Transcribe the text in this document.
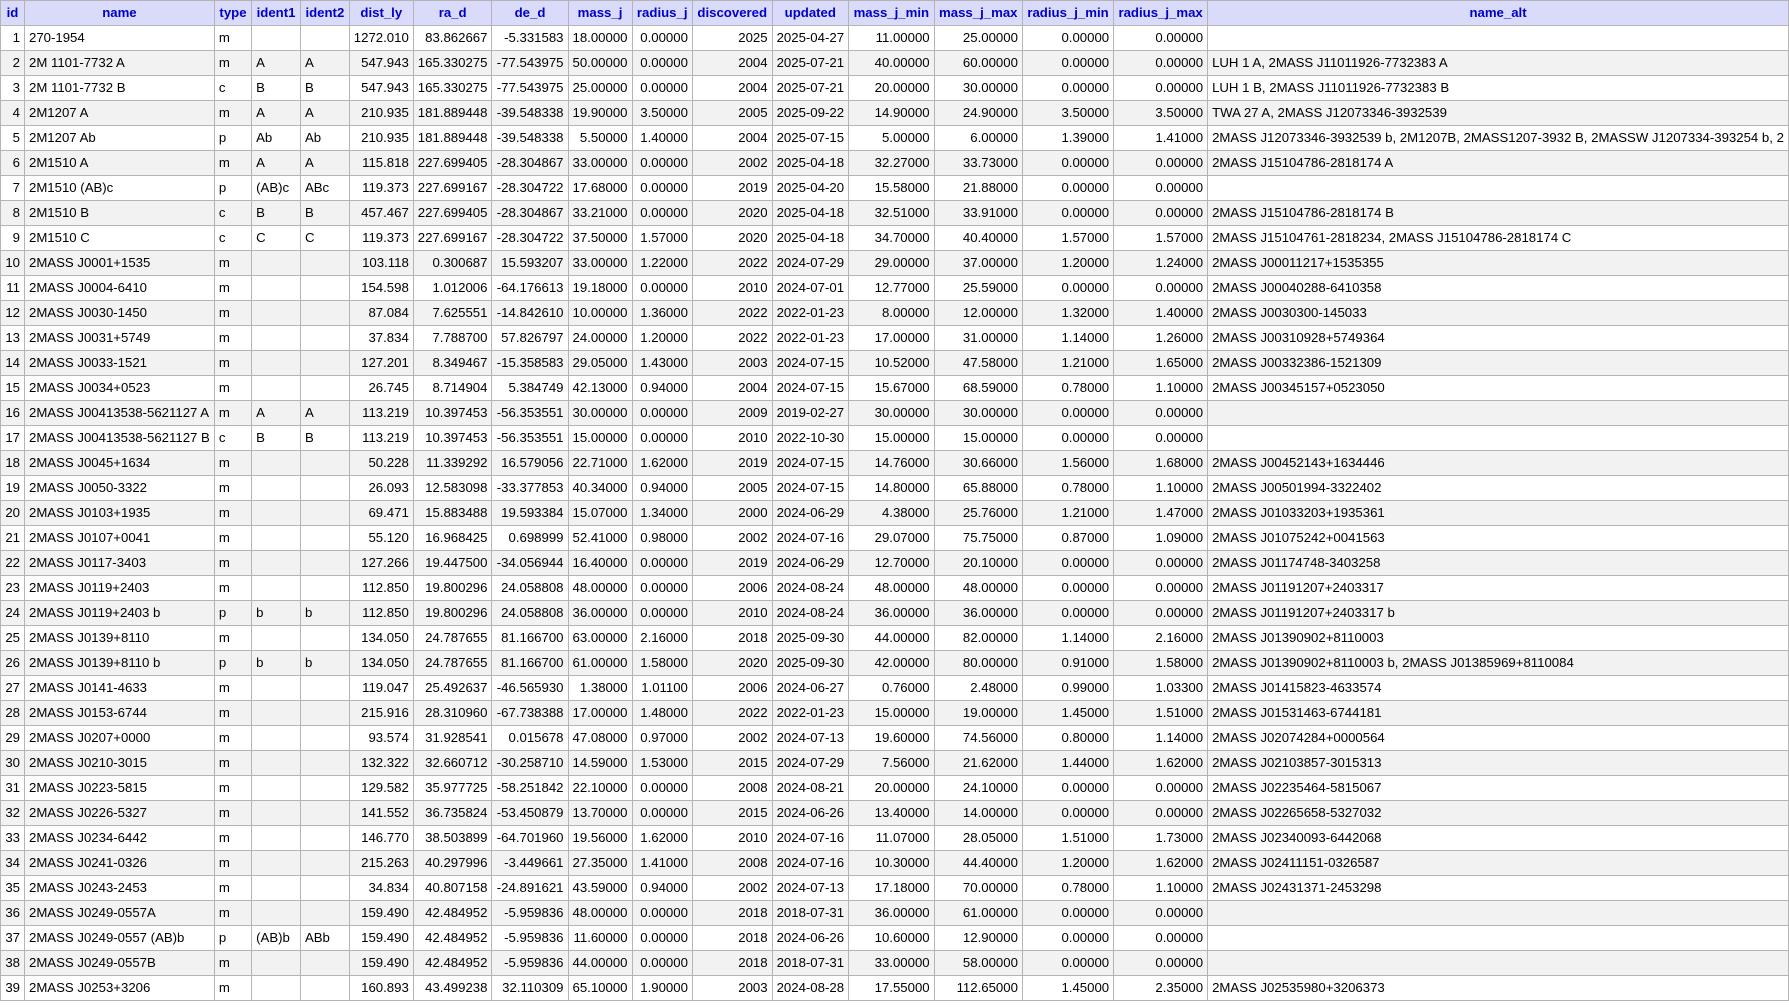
id	name	type	ident1	ident2	dist_ly	ra_d	de_d	mass_j	radius_j	discovered	updated	mass_j_min	mass_j_max	radius_j_min	radius_j_max	name_alt
1	270-1954	m			1272.010	83.862667	-5.331583	18.00000	0.00000	2025	2025-04-27	11.00000	25.00000	0.00000	0.00000	
2	2M 1101-7732 A	m	A	A	547.943	165.330275	-77.543975	50.00000	0.00000	2004	2025-07-21	40.00000	60.00000	0.00000	0.00000	LUH 1 A, 2MASS J11011926-7732383 A
3	2M 1101-7732 B	c	B	B	547.943	165.330275	-77.543975	25.00000	0.00000	2004	2025-07-21	20.00000	30.00000	0.00000	0.00000	LUH 1 B, 2MASS J11011926-7732383 B
4	2M1207 A	m	A	A	210.935	181.889448	-39.548338	19.90000	3.50000	2005	2025-09-22	14.90000	24.90000	3.50000	3.50000	TWA 27 A, 2MASS J12073346-3932539
5	2M1207 Ab	p	Ab	Ab	210.935	181.889448	-39.548338	5.50000	1.40000	2004	2025-07-15	5.00000	6.00000	1.39000	1.41000	2MASS J12073346-3932539 b, 2M1207B, 2MASS1207-3932 B, 2MASSW J1207334-393254 b, 2
6	2M1510 A	m	A	A	115.818	227.699405	-28.304867	33.00000	0.00000	2002	2025-04-18	32.27000	33.73000	0.00000	0.00000	2MASS J15104786-2818174 A
7	2M1510 (AB)c	p	(AB)c	ABc	119.373	227.699167	-28.304722	17.68000	0.00000	2019	2025-04-20	15.58000	21.88000	0.00000	0.00000	
8	2M1510 B	c	B	B	457.467	227.699405	-28.304867	33.21000	0.00000	2020	2025-04-18	32.51000	33.91000	0.00000	0.00000	2MASS J15104786-2818174 B
9	2M1510 C	c	C	C	119.373	227.699167	-28.304722	37.50000	1.57000	2020	2025-04-18	34.70000	40.40000	1.57000	1.57000	2MASS J15104761-2818234, 2MASS J15104786-2818174 C
10	2MASS J0001+1535	m			103.118	0.300687	15.593207	33.00000	1.22000	2022	2024-07-29	29.00000	37.00000	1.20000	1.24000	2MASS J00011217+1535355
11	2MASS J0004-6410	m			154.598	1.012006	-64.176613	19.18000	0.00000	2010	2024-07-01	12.77000	25.59000	0.00000	0.00000	2MASS J00040288-6410358
12	2MASS J0030-1450	m			87.084	7.625551	-14.842610	10.00000	1.36000	2022	2022-01-23	8.00000	12.00000	1.32000	1.40000	2MASS J0030300-145033
13	2MASS J0031+5749	m			37.834	7.788700	57.826797	24.00000	1.20000	2022	2022-01-23	17.00000	31.00000	1.14000	1.26000	2MASS J00310928+5749364
14	2MASS J0033-1521	m			127.201	8.349467	-15.358583	29.05000	1.43000	2003	2024-07-15	10.52000	47.58000	1.21000	1.65000	2MASS J00332386-1521309
15	2MASS J0034+0523	m			26.745	8.714904	5.384749	42.13000	0.94000	2004	2024-07-15	15.67000	68.59000	0.78000	1.10000	2MASS J00345157+0523050
16	2MASS J00413538-5621127 A	m	A	A	113.219	10.397453	-56.353551	30.00000	0.00000	2009	2019-02-27	30.00000	30.00000	0.00000	0.00000	
17	2MASS J00413538-5621127 B	c	B	B	113.219	10.397453	-56.353551	15.00000	0.00000	2010	2022-10-30	15.00000	15.00000	0.00000	0.00000	
18	2MASS J0045+1634	m			50.228	11.339292	16.579056	22.71000	1.62000	2019	2024-07-15	14.76000	30.66000	1.56000	1.68000	2MASS J00452143+1634446
19	2MASS J0050-3322	m			26.093	12.583098	-33.377853	40.34000	0.94000	2005	2024-07-15	14.80000	65.88000	0.78000	1.10000	2MASS J00501994-3322402
20	2MASS J0103+1935	m			69.471	15.883488	19.593384	15.07000	1.34000	2000	2024-06-29	4.38000	25.76000	1.21000	1.47000	2MASS J01033203+1935361
21	2MASS J0107+0041	m			55.120	16.968425	0.698999	52.41000	0.98000	2002	2024-07-16	29.07000	75.75000	0.87000	1.09000	2MASS J01075242+0041563
22	2MASS J0117-3403	m			127.266	19.447500	-34.056944	16.40000	0.00000	2019	2024-06-29	12.70000	20.10000	0.00000	0.00000	2MASS J01174748-3403258
23	2MASS J0119+2403	m			112.850	19.800296	24.058808	48.00000	0.00000	2006	2024-08-24	48.00000	48.00000	0.00000	0.00000	2MASS J01191207+2403317
24	2MASS J0119+2403 b	p	b	b	112.850	19.800296	24.058808	36.00000	0.00000	2010	2024-08-24	36.00000	36.00000	0.00000	0.00000	2MASS J01191207+2403317 b
25	2MASS J0139+8110	m			134.050	24.787655	81.166700	63.00000	2.16000	2018	2025-09-30	44.00000	82.00000	1.14000	2.16000	2MASS J01390902+8110003
26	2MASS J0139+8110 b	p	b	b	134.050	24.787655	81.166700	61.00000	1.58000	2020	2025-09-30	42.00000	80.00000	0.91000	1.58000	2MASS J01390902+8110003 b, 2MASS J01385969+8110084
27	2MASS J0141-4633	m			119.047	25.492637	-46.565930	1.38000	1.01100	2006	2024-06-27	0.76000	2.48000	0.99000	1.03300	2MASS J01415823-4633574
28	2MASS J0153-6744	m			215.916	28.310960	-67.738388	17.00000	1.48000	2022	2022-01-23	15.00000	19.00000	1.45000	1.51000	2MASS J01531463-6744181
29	2MASS J0207+0000	m			93.574	31.928541	0.015678	47.08000	0.97000	2002	2024-07-13	19.60000	74.56000	0.80000	1.14000	2MASS J02074284+0000564
30	2MASS J0210-3015	m			132.322	32.660712	-30.258710	14.59000	1.53000	2015	2024-07-29	7.56000	21.62000	1.44000	1.62000	2MASS J02103857-3015313
31	2MASS J0223-5815	m			129.582	35.977725	-58.251842	22.10000	0.00000	2008	2024-08-21	20.00000	24.10000	0.00000	0.00000	2MASS J02235464-5815067
32	2MASS J0226-5327	m			141.552	36.735824	-53.450879	13.70000	0.00000	2015	2024-06-26	13.40000	14.00000	0.00000	0.00000	2MASS J02265658-5327032
33	2MASS J0234-6442	m			146.770	38.503899	-64.701960	19.56000	1.62000	2010	2024-07-16	11.07000	28.05000	1.51000	1.73000	2MASS J02340093-6442068
34	2MASS J0241-0326	m			215.263	40.297996	-3.449661	27.35000	1.41000	2008	2024-07-16	10.30000	44.40000	1.20000	1.62000	2MASS J02411151-0326587
35	2MASS J0243-2453	m			34.834	40.807158	-24.891621	43.59000	0.94000	2002	2024-07-13	17.18000	70.00000	0.78000	1.10000	2MASS J02431371-2453298
36	2MASS J0249-0557A	m			159.490	42.484952	-5.959836	48.00000	0.00000	2018	2018-07-31	36.00000	61.00000	0.00000	0.00000	
37	2MASS J0249-0557 (AB)b	p	(AB)b	ABb	159.490	42.484952	-5.959836	11.60000	0.00000	2018	2024-06-26	10.60000	12.90000	0.00000	0.00000	
38	2MASS J0249-0557B	m			159.490	42.484952	-5.959836	44.00000	0.00000	2018	2018-07-31	33.00000	58.00000	0.00000	0.00000	
39	2MASS J0253+3206	m			160.893	43.499238	32.110309	65.10000	1.90000	2003	2024-08-28	17.55000	112.65000	1.45000	2.35000	2MASS J02535980+3206373
